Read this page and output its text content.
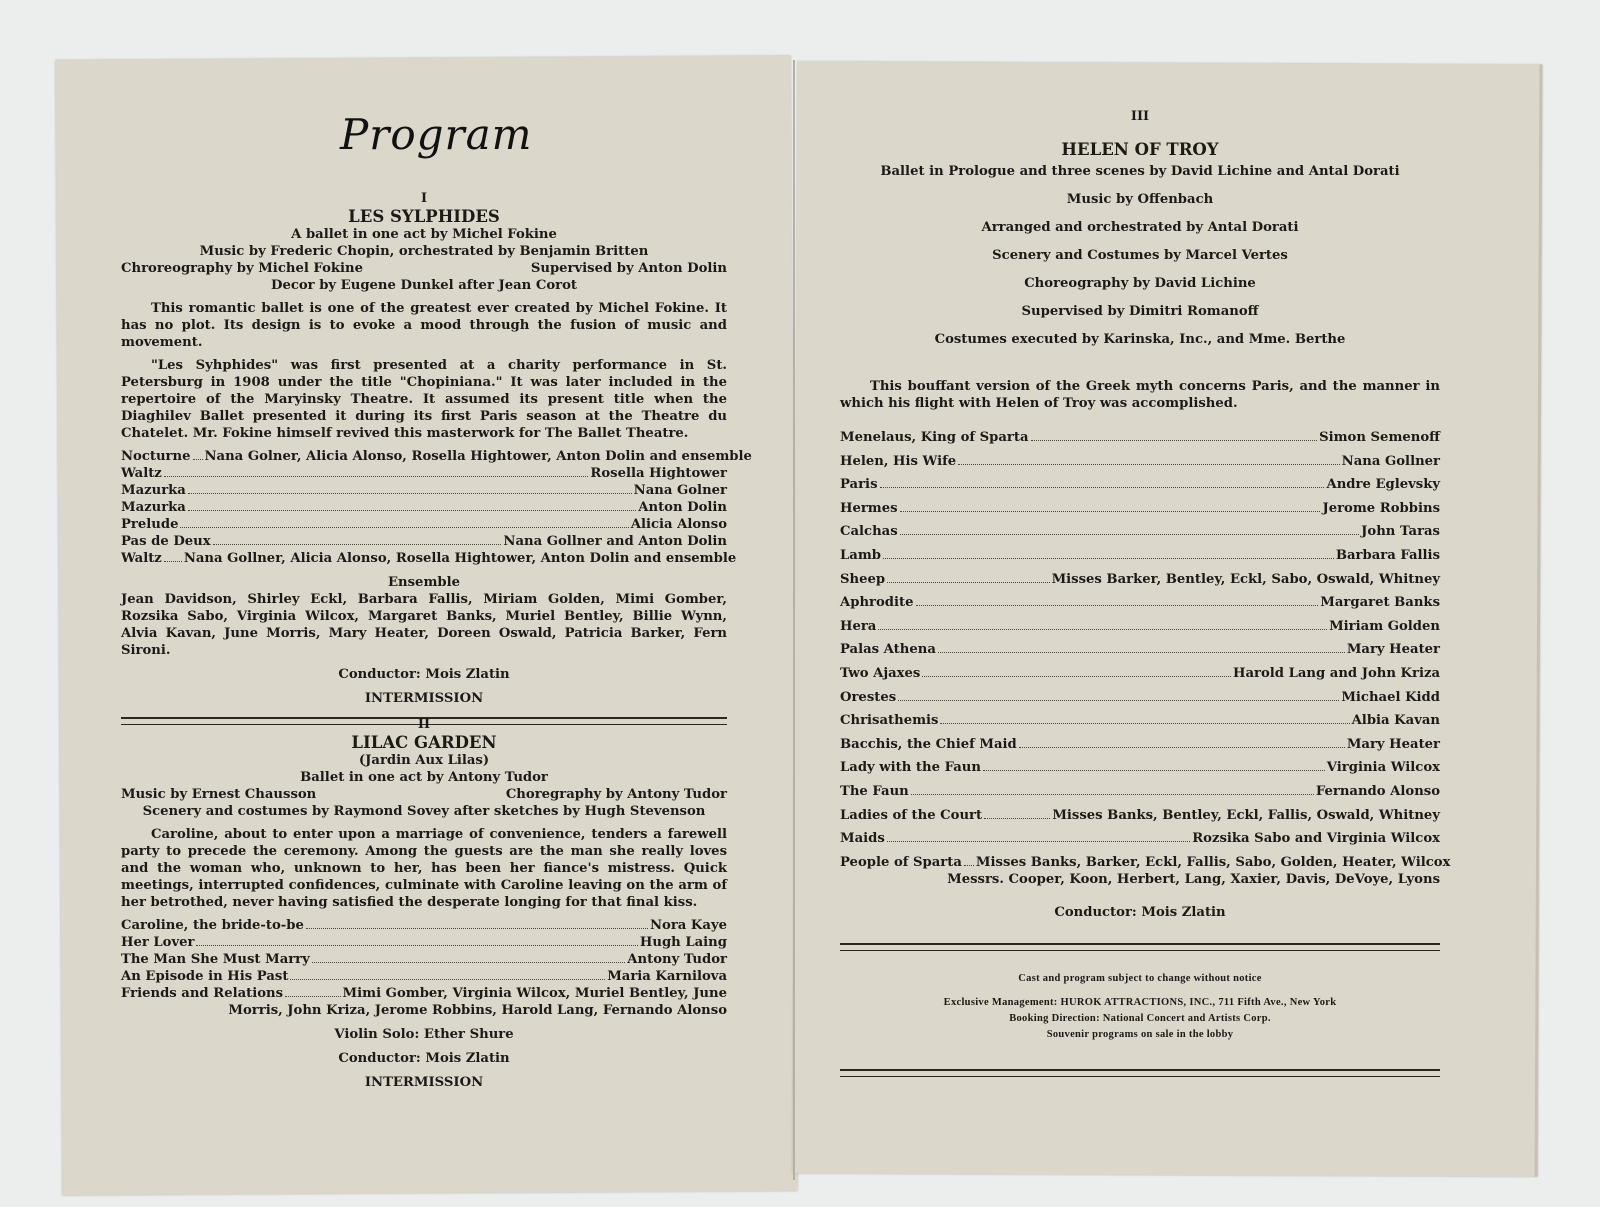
Program
I
LES SYLPHIDES
A ballet in one act by Michel Fokine
Music by Frederic Chopin, orchestrated by Benjamin Britten
Chroreography by Michel Fokine	Supervised by Anton Dolin
Decor by Eugene Dunkel after Jean Corot

This romantic ballet is one of the greatest ever created by Michel Fokine. It has no plot. Its design is to evoke a mood through the fusion of music and movement.

"Les Syhphides" was first presented at a charity performance in St. Petersburg in 1908 under the title "Chopiniana." It was later included in the repertoire of the Maryinsky Theatre. It assumed its present title when the Diaghilev Ballet presented it during its first Paris season at the Theatre du Chatelet. Mr. Fokine himself revived this masterwork for The Ballet Theatre.

Nocturne Nana Golner, Alicia Alonso, Rosella Hightower, Anton Dolin and ensemble
Waltz	Rosella Hightower
Mazurka	Nana Golner
Mazurka	Anton Dolin
Prelude	Alicia Alonso
Pas de Deux	Nana Gollner and Anton Dolin
Waltz Nana Gollner, Alicia Alonso, Rosella Hightower, Anton Dolin and ensemble
Ensemble
Jean Davidson, Shirley Eckl, Barbara Fallis, Miriam Golden, Mimi Gomber, Rozsika Sabo, Virginia Wilcox, Margaret Banks, Muriel Bentley, Billie Wynn, Alvia Kavan, June Morris, Mary Heater, Doreen Oswald, Patricia Barker, Fern Sironi.
Conductor: Mois Zlatin
INTERMISSION
II
LILAC GARDEN
(Jardin Aux Lilas)
Ballet in one act by Antony Tudor
Music by Ernest Chausson	Choregraphy by Antony Tudor
Scenery and costumes by Raymond Sovey after sketches by Hugh Stevenson

Caroline, about to enter upon a marriage of convenience, tenders a farewell party to precede the ceremony. Among the guests are the man she really loves and the woman who, unknown to her, has been her fiance's mistress. Quick meetings, interrupted confidences, culminate with Caroline leaving on the arm of her betrothed, never having satisfied the desperate longing for that final kiss.

Caroline, the bride-to-be	Nora Kaye
Her Lover	Hugh Laing
The Man She Must Marry	Antony Tudor
An Episode in His Past	Maria Karnilova
Friends and Relations	Mimi Gomber, Virginia Wilcox, Muriel Bentley, June
Morris, John Kriza, Jerome Robbins, Harold Lang, Fernando Alonso
Violin Solo: Ether Shure
Conductor: Mois Zlatin
INTERMISSION
III
HELEN OF TROY
Ballet in Prologue and three scenes by David Lichine and Antal Dorati
Music by Offenbach
Arranged and orchestrated by Antal Dorati
Scenery and Costumes by Marcel Vertes
Choreography by David Lichine
Supervised by Dimitri Romanoff
Costumes executed by Karinska, Inc., and Mme. Berthe

This bouffant version of the Greek myth concerns Paris, and the manner in which his flight with Helen of Troy was accomplished.

Menelaus, King of Sparta	Simon Semenoff
Helen, His Wife	Nana Gollner
Paris	Andre Eglevsky
Hermes	Jerome Robbins
Calchas	John Taras
Lamb	Barbara Fallis
Sheep	Misses Barker, Bentley, Eckl, Sabo, Oswald, Whitney
Aphrodite	Margaret Banks
Hera	Miriam Golden
Palas Athena	Mary Heater
Two Ajaxes	Harold Lang and John Kriza
Orestes	Michael Kidd
Chrisathemis	Albia Kavan
Bacchis, the Chief Maid	Mary Heater
Lady with the Faun	Virginia Wilcox
The Faun	Fernando Alonso
Ladies of the Court	Misses Banks, Bentley, Eckl, Fallis, Oswald, Whitney
Maids	Rozsika Sabo and Virginia Wilcox
People of Sparta Misses Banks, Barker, Eckl, Fallis, Sabo, Golden, Heater, Wilcox
Messrs. Cooper, Koon, Herbert, Lang, Xaxier, Davis, DeVoye, Lyons
Conductor: Mois Zlatin
Cast and program subject to change without notice
Exclusive Management: HUROK ATTRACTIONS, INC., 711 Fifth Ave., New York
Booking Direction: National Concert and Artists Corp.
Souvenir programs on sale in the lobby
